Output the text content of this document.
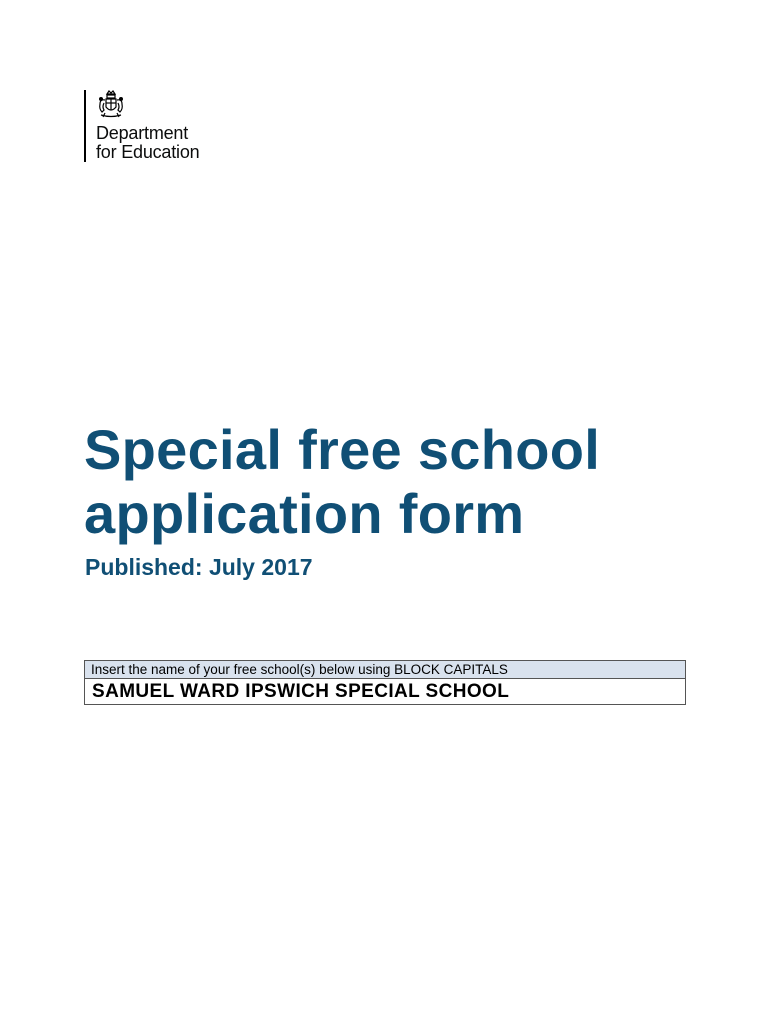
Department
for Education
Special free school
application form
Published: July 2017
Insert the name of your free school(s) below using BLOCK CAPITALS
SAMUEL WARD IPSWICH SPECIAL SCHOOL
